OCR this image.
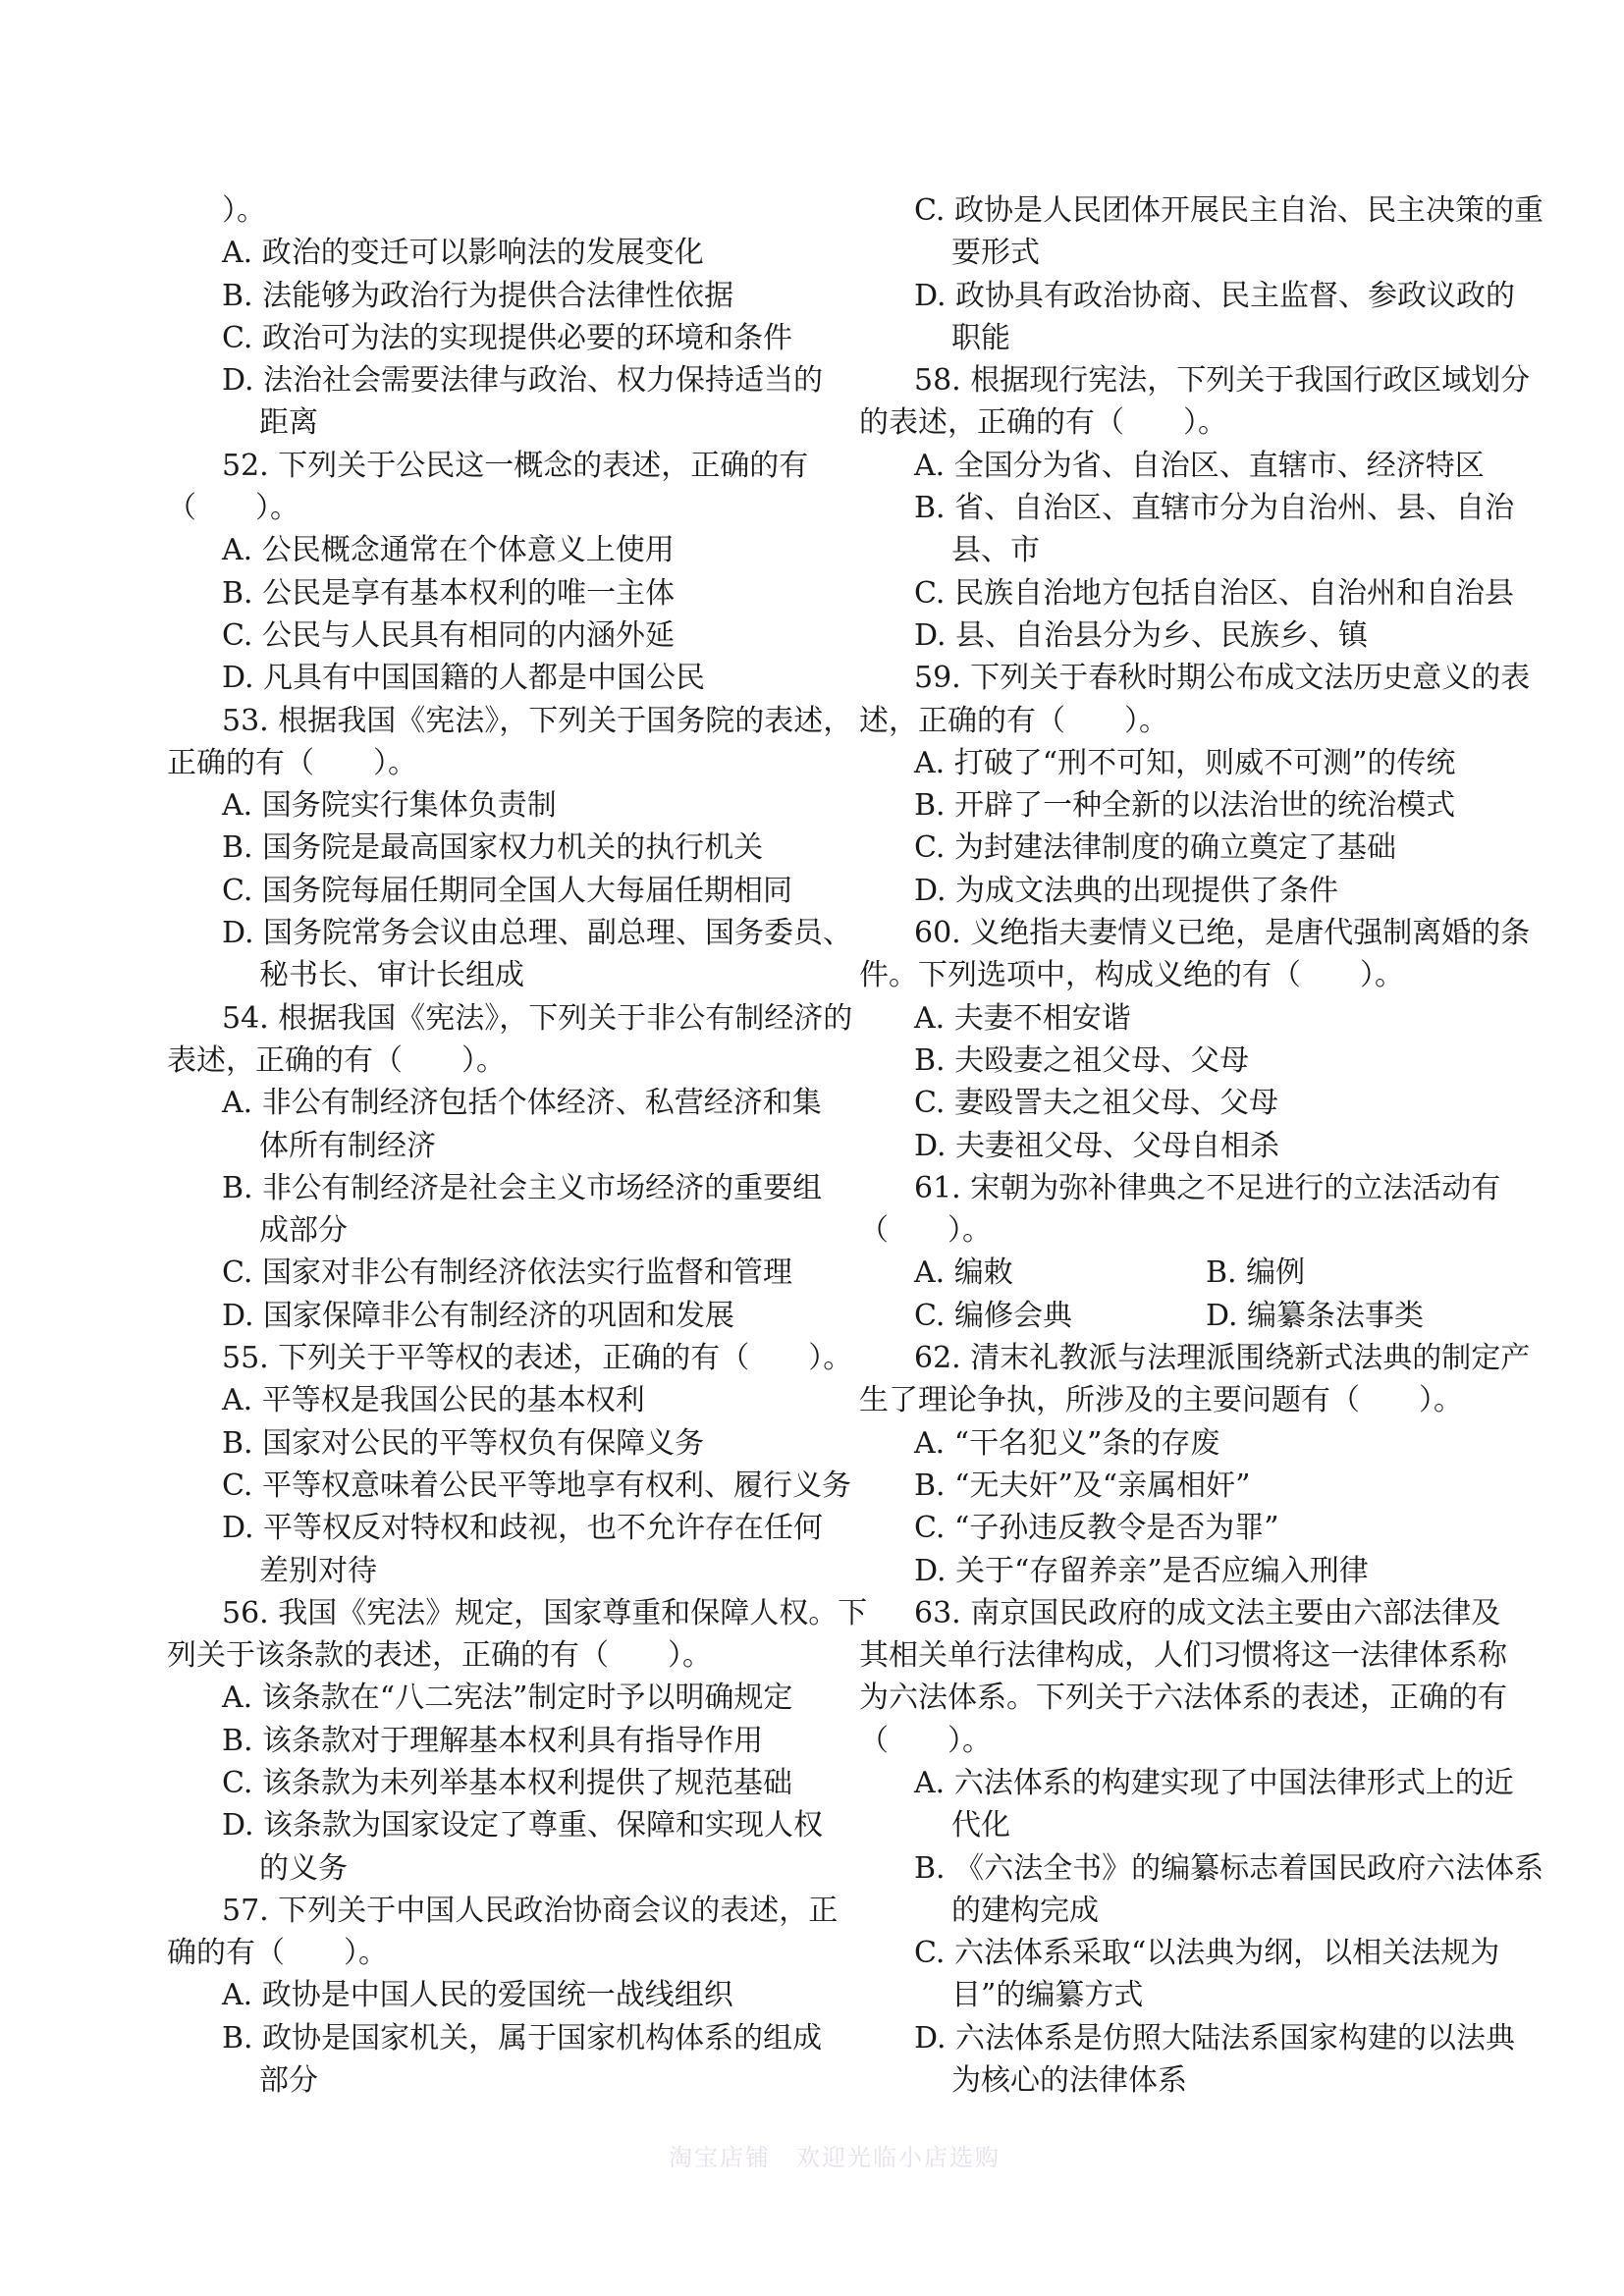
）。
A. 政治的变迁可以影响法的发展变化
B. 法能够为政治行为提供合法律性依据
C. 政治可为法的实现提供必要的环境和条件
D. 法治社会需要法律与政治、权力保持适当的
距离
52. 下列关于公民这一概念的表述，正确的有
（　　）。
A. 公民概念通常在个体意义上使用
B. 公民是享有基本权利的唯一主体
C. 公民与人民具有相同的内涵外延
D. 凡具有中国国籍的人都是中国公民
53. 根据我国《宪法》，下列关于国务院的表述，
正确的有（　　）。
A. 国务院实行集体负责制
B. 国务院是最高国家权力机关的执行机关
C. 国务院每届任期同全国人大每届任期相同
D. 国务院常务会议由总理、副总理、国务委员、
秘书长、审计长组成
54. 根据我国《宪法》，下列关于非公有制经济的
表述，正确的有（　　）。
A. 非公有制经济包括个体经济、私营经济和集
体所有制经济
B. 非公有制经济是社会主义市场经济的重要组
成部分
C. 国家对非公有制经济依法实行监督和管理
D. 国家保障非公有制经济的巩固和发展
55. 下列关于平等权的表述，正确的有（　　）。
A. 平等权是我国公民的基本权利
B. 国家对公民的平等权负有保障义务
C. 平等权意味着公民平等地享有权利、履行义务
D. 平等权反对特权和歧视，也不允许存在任何
差别对待
56. 我国《宪法》规定，国家尊重和保障人权。下
列关于该条款的表述，正确的有（　　）。
A. 该条款在“八二宪法”制定时予以明确规定
B. 该条款对于理解基本权利具有指导作用
C. 该条款为未列举基本权利提供了规范基础
D. 该条款为国家设定了尊重、保障和实现人权
的义务
57. 下列关于中国人民政治协商会议的表述，正
确的有（　　）。
A. 政协是中国人民的爱国统一战线组织
B. 政协是国家机关，属于国家机构体系的组成
部分
C. 政协是人民团体开展民主自治、民主决策的重
要形式
D. 政协具有政治协商、民主监督、参政议政的
职能
58. 根据现行宪法，下列关于我国行政区域划分
的表述，正确的有（　　）。
A. 全国分为省、自治区、直辖市、经济特区
B. 省、自治区、直辖市分为自治州、县、自治
县、市
C. 民族自治地方包括自治区、自治州和自治县
D. 县、自治县分为乡、民族乡、镇
59. 下列关于春秋时期公布成文法历史意义的表
述，正确的有（　　）。
A. 打破了“刑不可知，则威不可测”的传统
B. 开辟了一种全新的以法治世的统治模式
C. 为封建法律制度的确立奠定了基础
D. 为成文法典的出现提供了条件
60. 义绝指夫妻情义已绝，是唐代强制离婚的条
件。下列选项中，构成义绝的有（　　）。
A. 夫妻不相安谐
B. 夫殴妻之祖父母、父母
C. 妻殴詈夫之祖父母、父母
D. 夫妻祖父母、父母自相杀
61. 宋朝为弥补律典之不足进行的立法活动有
（　　）。
A. 编敕	B. 编例
C. 编修会典	D. 编纂条法事类
62. 清末礼教派与法理派围绕新式法典的制定产
生了理论争执，所涉及的主要问题有（　　）。
A. “干名犯义”条的存废
B. “无夫奸”及“亲属相奸”
C. “子孙违反教令是否为罪”
D. 关于“存留养亲”是否应编入刑律
63. 南京国民政府的成文法主要由六部法律及
其相关单行法律构成，人们习惯将这一法律体系称
为六法体系。下列关于六法体系的表述，正确的有
（　　）。
A. 六法体系的构建实现了中国法律形式上的近
代化
B. 《六法全书》的编纂标志着国民政府六法体系
的建构完成
C. 六法体系采取“以法典为纲，以相关法规为
目”的编纂方式
D. 六法体系是仿照大陆法系国家构建的以法典
为核心的法律体系
淘宝店铺　欢迎光临小店选购
